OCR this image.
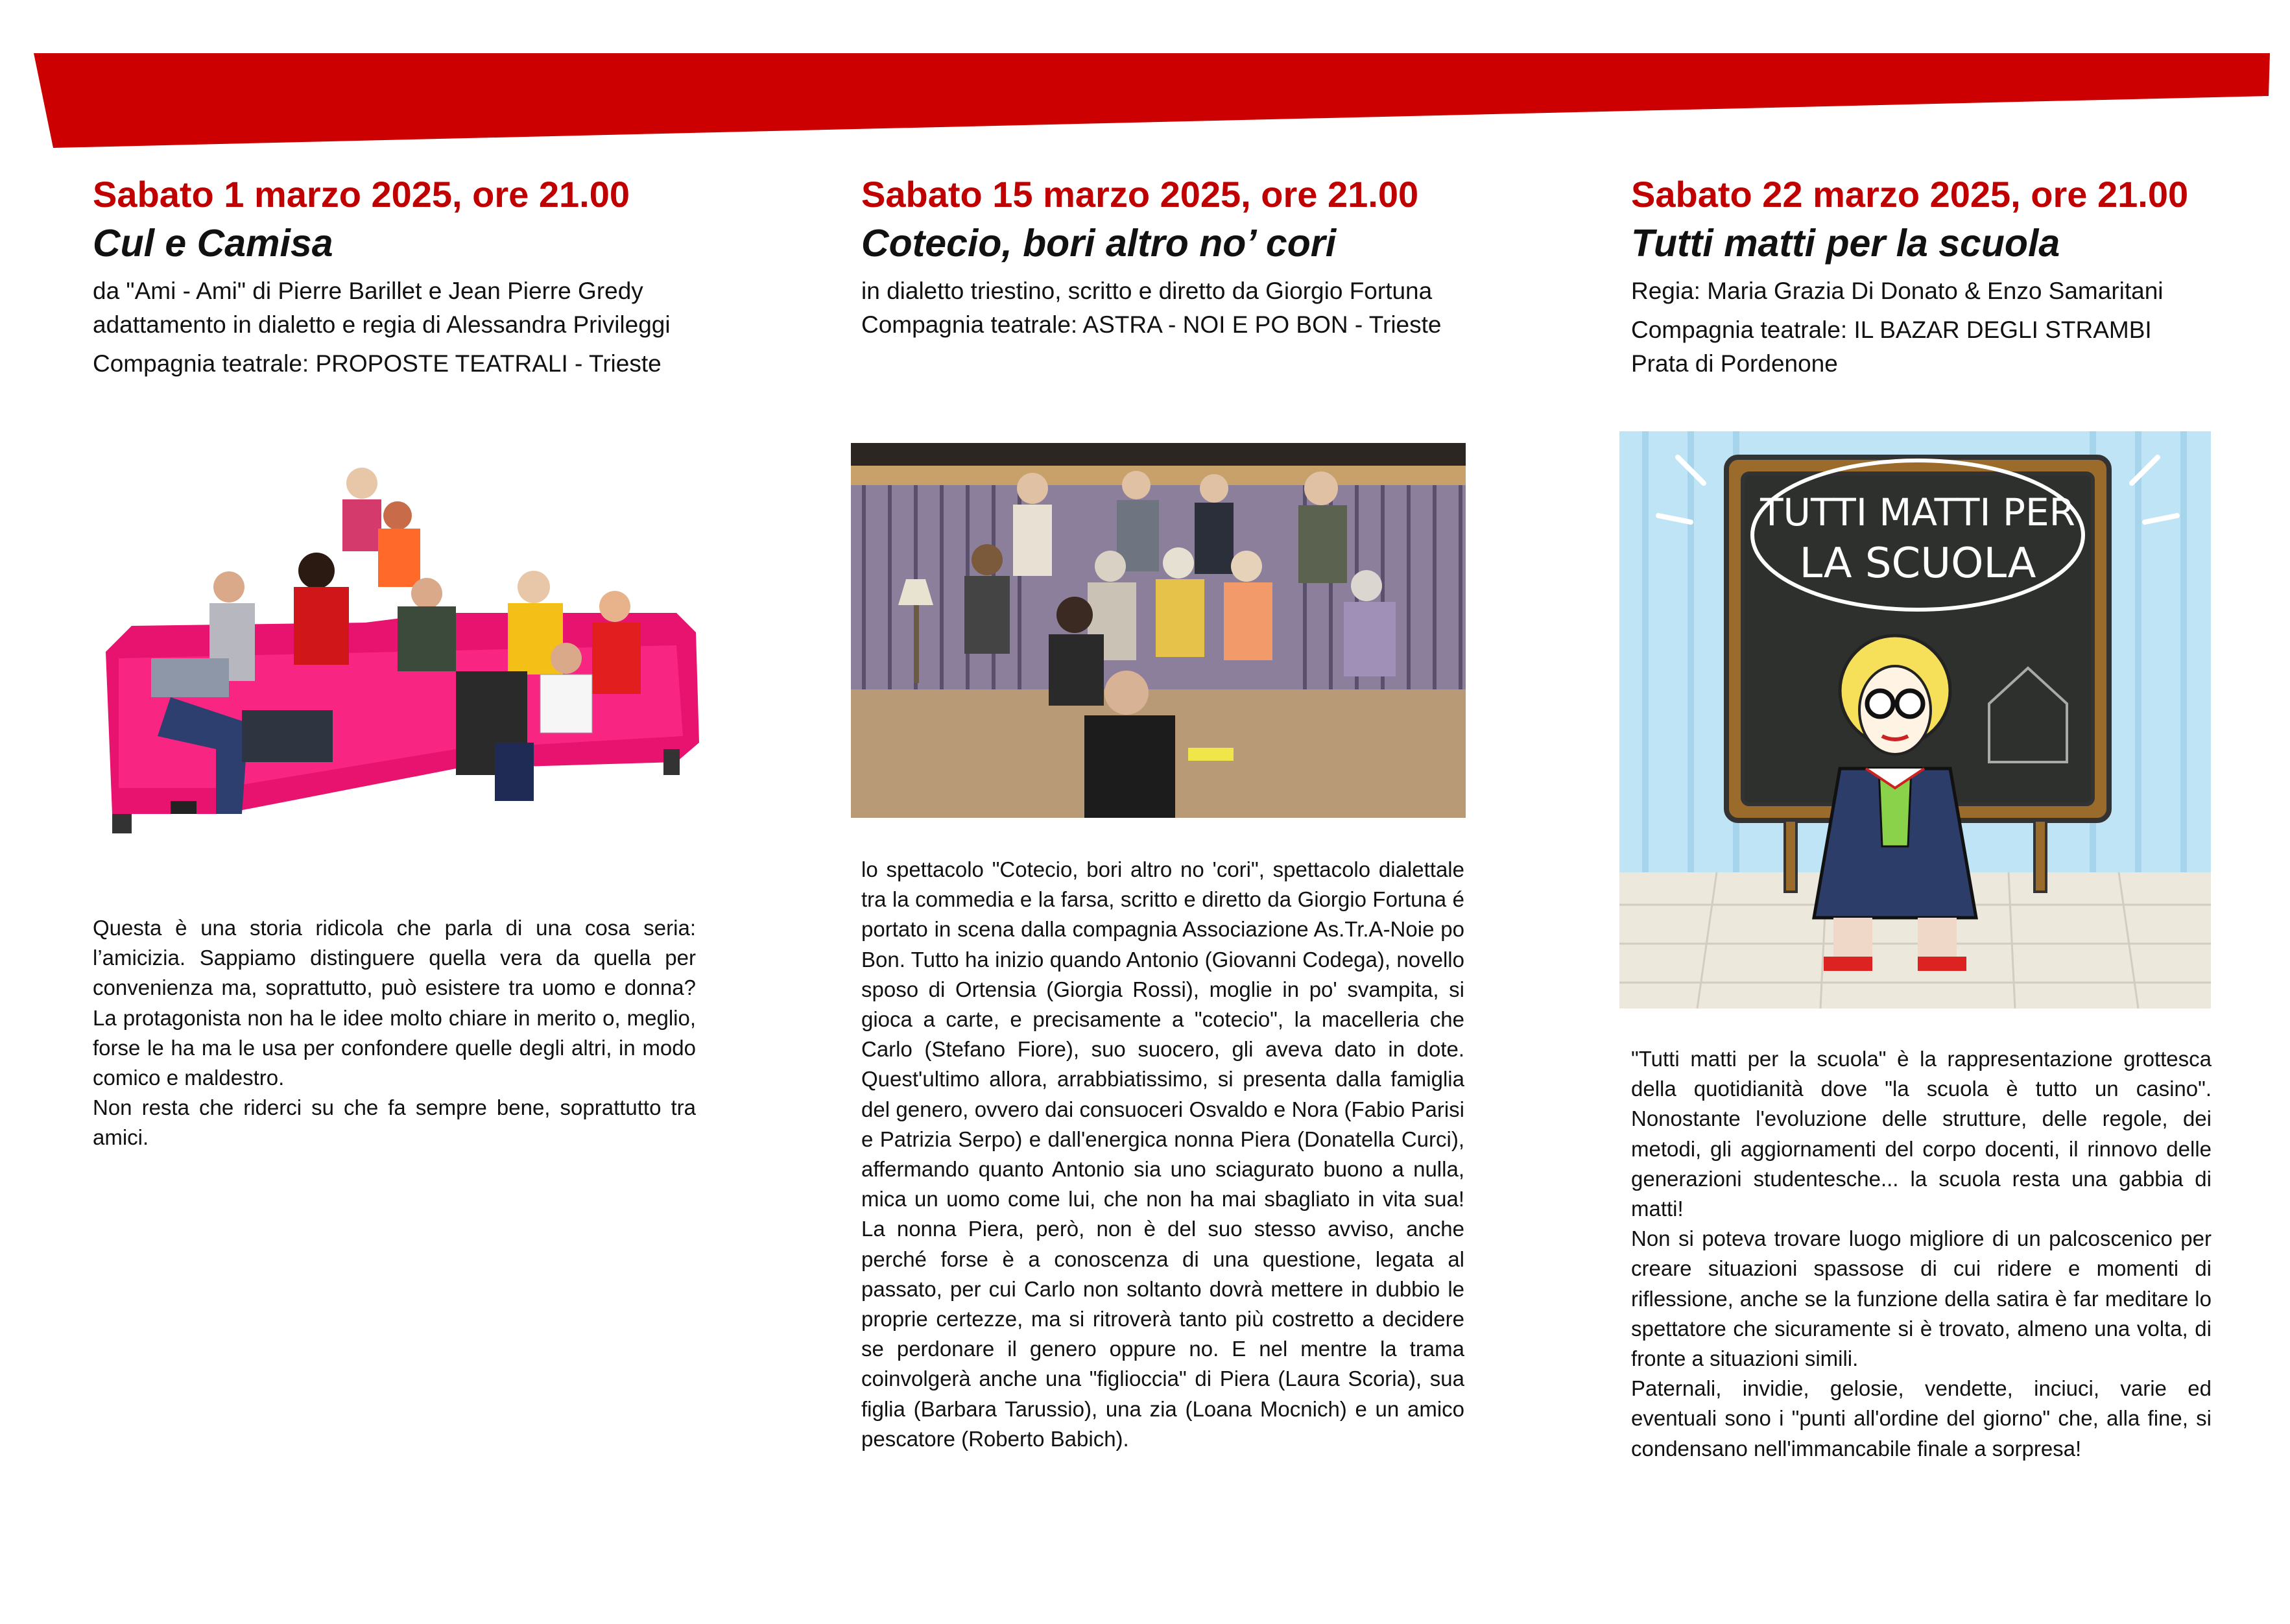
Sabato 1 marzo 2025, ore 21.00
Cul e Camisa
da "Ami - Ami" di Pierre Barillet e Jean Pierre Gredy
adattamento in dialetto e regia di Alessandra Privileggi
Compagnia teatrale: PROPOSTE TEATRALI - Trieste

Questa è una storia ridicola che parla di una cosa seria: l’amicizia. Sappiamo distinguere quella vera da quella per convenienza ma, soprattutto, può esistere tra uomo e donna? La protagonista non ha le idee molto chiare in merito o, meglio, forse le ha ma le usa per confondere quelle degli altri, in modo comico e maldestro.

Non resta che riderci su che fa sempre bene, soprattutto tra amici.

Sabato 15 marzo 2025, ore 21.00
Cotecio, bori altro no’ cori
in dialetto triestino, scritto e diretto da Giorgio Fortuna
Compagnia teatrale: ASTRA - NOI E PO BON - Trieste

lo spettacolo "Cotecio, bori altro no 'cori", spettacolo dialettale tra la commedia e la farsa, scritto e diretto da Giorgio Fortuna é portato in scena dalla compagnia Associazione As.Tr.A-Noie po Bon. Tutto ha inizio quando Antonio (Giovanni Codega), novello sposo di Ortensia (Giorgia Rossi), moglie in po' svampita, si gioca a carte, e precisamente a "cotecio", la macelleria che Carlo (Stefano Fiore), suo suocero, gli aveva dato in dote. Quest'ultimo allora, arrabbiatissimo, si presenta dalla famiglia del genero, ovvero dai consuoceri Osvaldo e Nora (Fabio Parisi e Patrizia Serpo) e dall'energica nonna Piera (Donatella Curci), affermando quanto Antonio sia uno sciagurato buono a nulla, mica un uomo come lui, che non ha mai sbagliato in vita sua! La nonna Piera, però, non è del suo stesso avviso, anche perché forse è a conoscenza di una questione, legata al passato, per cui Carlo non soltanto dovrà mettere in dubbio le proprie certezze, ma si ritroverà tanto più costretto a decidere se perdonare il genero oppure no. E nel mentre la trama coinvolgerà anche una "figlioccia" di Piera (Laura Scoria), sua figlia (Barbara Tarussio), una zia (Loana Mocnich) e un amico pescatore (Roberto Babich).

Sabato 22 marzo 2025, ore 21.00
Tutti matti per la scuola
Regia: Maria Grazia Di Donato & Enzo Samaritani
Compagnia teatrale: IL BAZAR DEGLI STRAMBI
Prata di Pordenone
TUTTI MATTI PER
LA SCUOLA

"Tutti matti per la scuola" è la rappresentazione grottesca della quotidianità dove "la scuola è tutto un casino". Nonostante l'evoluzione delle strutture, delle regole, dei metodi, gli aggiornamenti del corpo docenti, il rinnovo delle generazioni studentesche... la scuola resta una gabbia di matti!

Non si poteva trovare luogo migliore di un palcoscenico per creare situazioni spassose di cui ridere e momenti di riflessione, anche se la funzione della satira è far meditare lo spettatore che sicuramente si è trovato, almeno una volta, di fronte a situazioni simili.

Paternali, invidie, gelosie, vendette, inciuci, varie ed eventuali sono i "punti all'ordine del giorno" che, alla fine, si condensano nell'immancabile finale a sorpresa!
